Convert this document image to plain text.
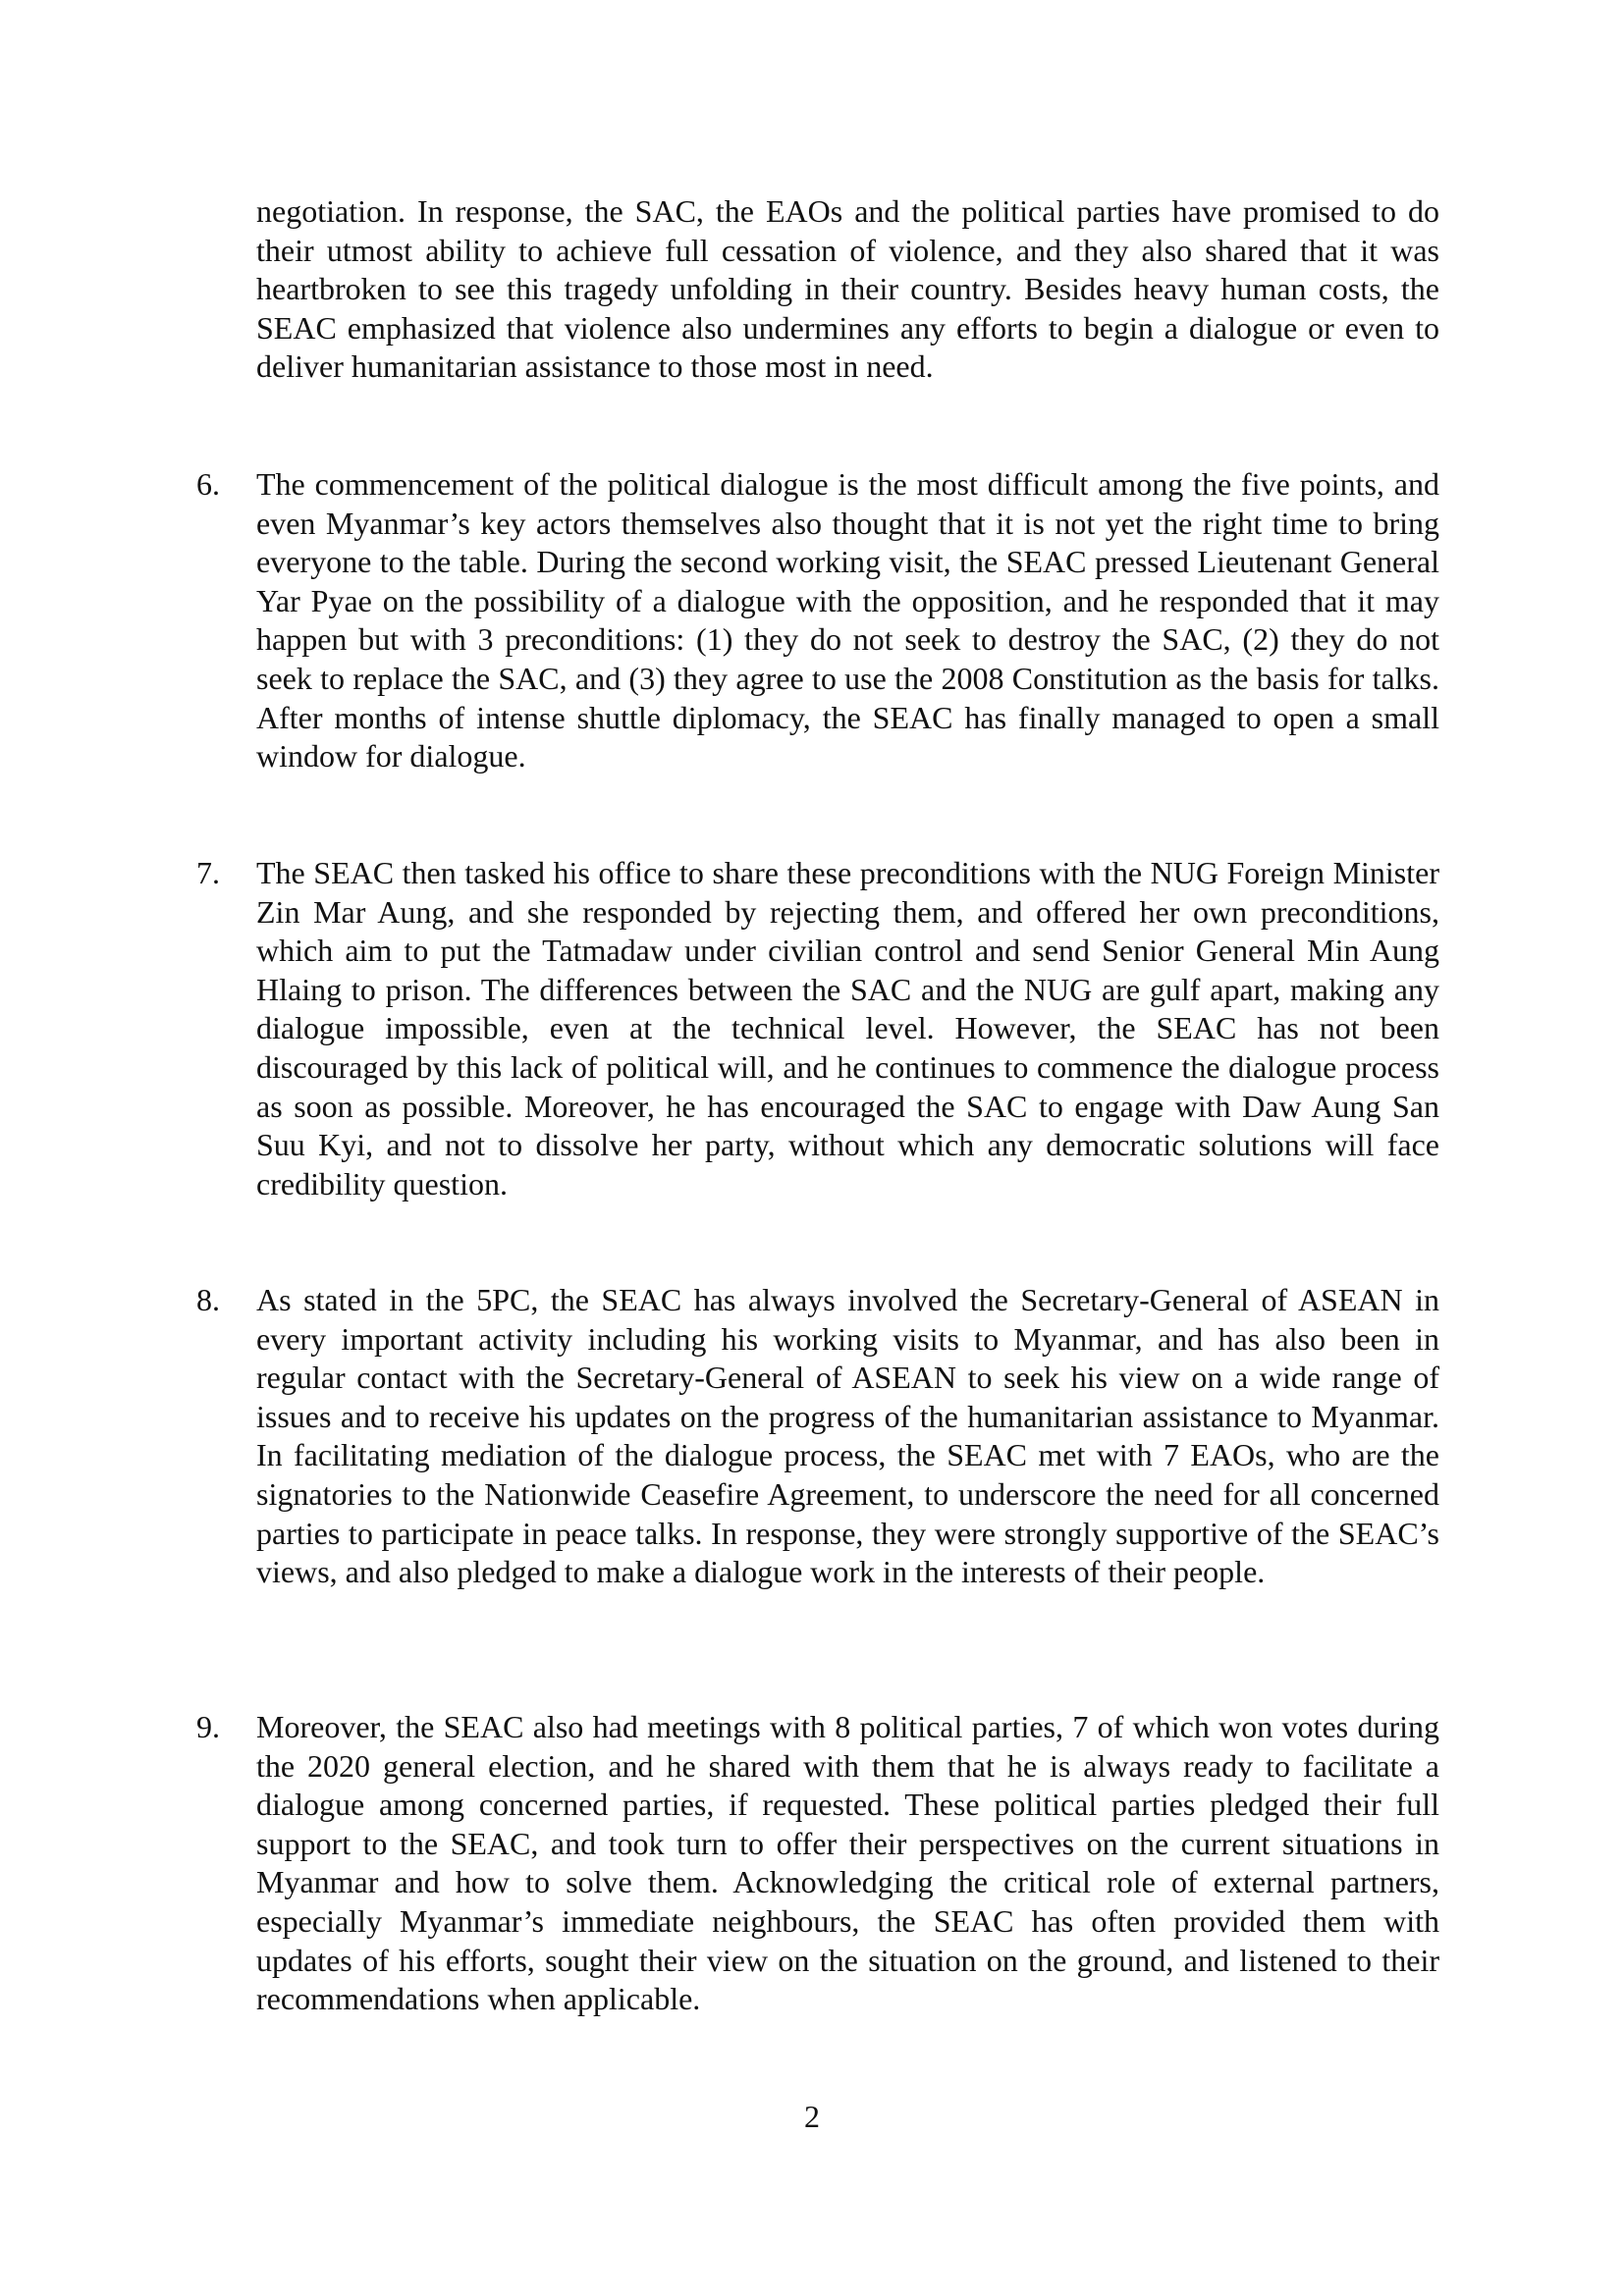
negotiation. In response, the SAC, the EAOs and the political parties have promised to do their utmost ability to achieve full cessation of violence, and they also shared that it was heartbroken to see this tragedy unfolding in their country. Besides heavy human costs, the SEAC emphasized that violence also undermines any efforts to begin a dialogue or even to deliver humanitarian assistance to those most in need.

6. The commencement of the political dialogue is the most difficult among the five points, and even Myanmar’s key actors themselves also thought that it is not yet the right time to bring everyone to the table. During the second working visit, the SEAC pressed Lieutenant General Yar Pyae on the possibility of a dialogue with the opposition, and he responded that it may happen but with 3 preconditions: (1) they do not seek to destroy the SAC, (2) they do not seek to replace the SAC, and (3) they agree to use the 2008 Constitution as the basis for talks. After months of intense shuttle diplomacy, the SEAC has finally managed to open a small window for dialogue.

7. The SEAC then tasked his office to share these preconditions with the NUG Foreign Minister Zin Mar Aung, and she responded by rejecting them, and offered her own preconditions, which aim to put the Tatmadaw under civilian control and send Senior General Min Aung Hlaing to prison. The differences between the SAC and the NUG are gulf apart, making any dialogue impossible, even at the technical level. However, the SEAC has not been discouraged by this lack of political will, and he continues to commence the dialogue process as soon as possible. Moreover, he has encouraged the SAC to engage with Daw Aung San Suu Kyi, and not to dissolve her party, without which any democratic solutions will face credibility question.

8. As stated in the 5PC, the SEAC has always involved the Secretary-General of ASEAN in every important activity including his working visits to Myanmar, and has also been in regular contact with the Secretary-General of ASEAN to seek his view on a wide range of issues and to receive his updates on the progress of the humanitarian assistance to Myanmar. In facilitating mediation of the dialogue process, the SEAC met with 7 EAOs, who are the signatories to the Nationwide Ceasefire Agreement, to underscore the need for all concerned parties to participate in peace talks. In response, they were strongly supportive of the SEAC’s views, and also pledged to make a dialogue work in the interests of their people.

9. Moreover, the SEAC also had meetings with 8 political parties, 7 of which won votes during the 2020 general election, and he shared with them that he is always ready to facilitate a dialogue among concerned parties, if requested. These political parties pledged their full support to the SEAC, and took turn to offer their perspectives on the current situations in Myanmar and how to solve them. Acknowledging the critical role of external partners, especially Myanmar’s immediate neighbours, the SEAC has often provided them with updates of his efforts, sought their view on the situation on the ground, and listened to their recommendations when applicable.

2
